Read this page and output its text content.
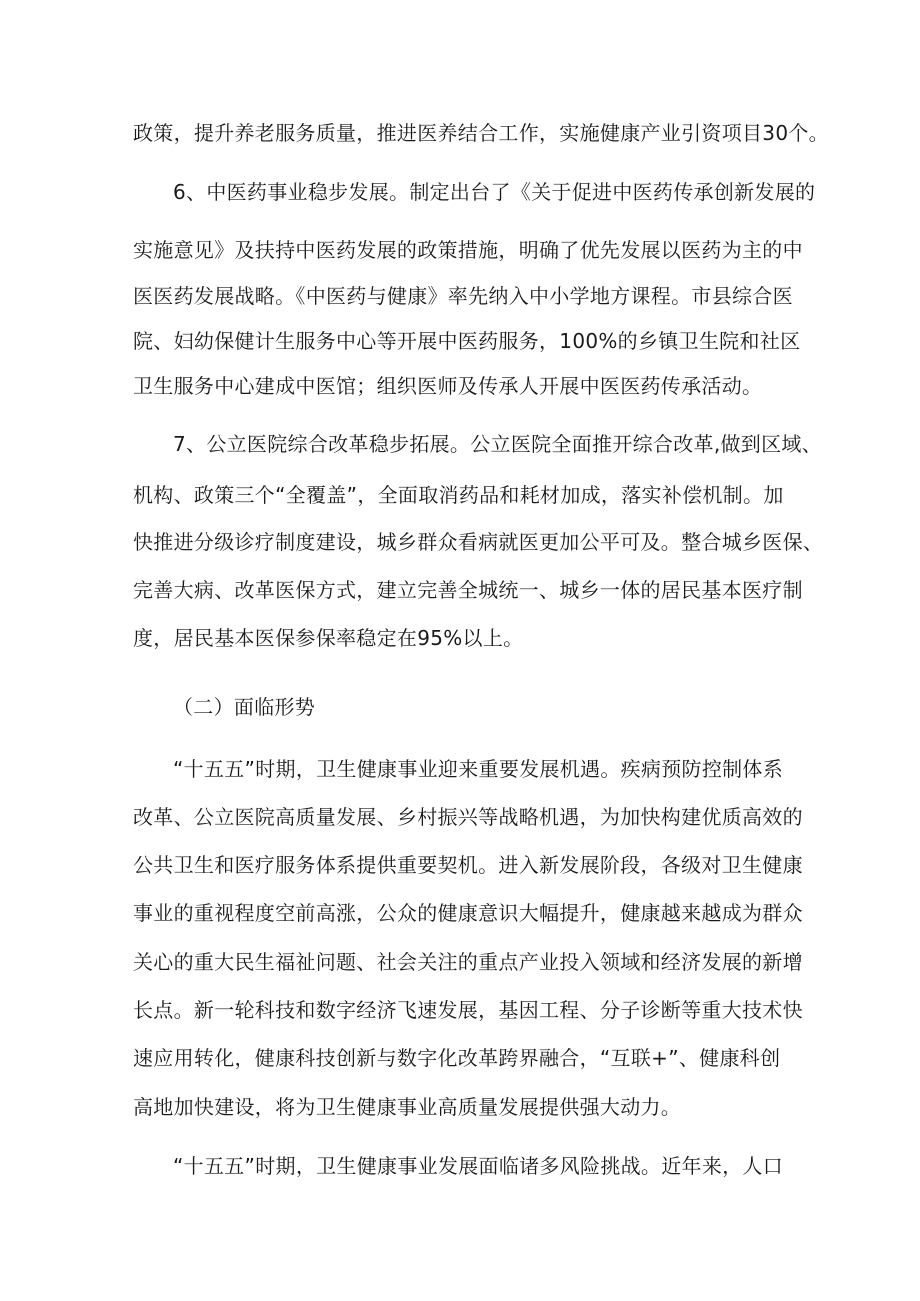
政策，提升养老服务质量，推进医养结合工作，实施健康产业引资项目30个。
6、中医药事业稳步发展。制定出台了《关于促进中医药传承创新发展的
实施意见》及扶持中医药发展的政策措施，明确了优先发展以医药为主的中
医医药发展战略。《中医药与健康》率先纳入中小学地方课程。市县综合医
院、妇幼保健计生服务中心等开展中医药服务，100%的乡镇卫生院和社区
卫生服务中心建成中医馆；组织医师及传承人开展中医医药传承活动。
7、公立医院综合改革稳步拓展。公立医院全面推开综合改革,做到区域、
机构、政策三个“全覆盖”，全面取消药品和耗材加成，落实补偿机制。加
快推进分级诊疗制度建设，城乡群众看病就医更加公平可及。整合城乡医保、
完善大病、改革医保方式，建立完善全城统一、城乡一体的居民基本医疗制
度，居民基本医保参保率稳定在95%以上。
（二）面临形势
“十五五”时期，卫生健康事业迎来重要发展机遇。疾病预防控制体系
改革、公立医院高质量发展、乡村振兴等战略机遇，为加快构建优质高效的
公共卫生和医疗服务体系提供重要契机。进入新发展阶段，各级对卫生健康
事业的重视程度空前高涨，公众的健康意识大幅提升，健康越来越成为群众
关心的重大民生福祉问题、社会关注的重点产业投入领域和经济发展的新增
长点。新一轮科技和数字经济飞速发展，基因工程、分子诊断等重大技术快
速应用转化，健康科技创新与数字化改革跨界融合，“互联+”、健康科创
高地加快建设，将为卫生健康事业高质量发展提供强大动力。
“十五五”时期，卫生健康事业发展面临诸多风险挑战。近年来，人口
